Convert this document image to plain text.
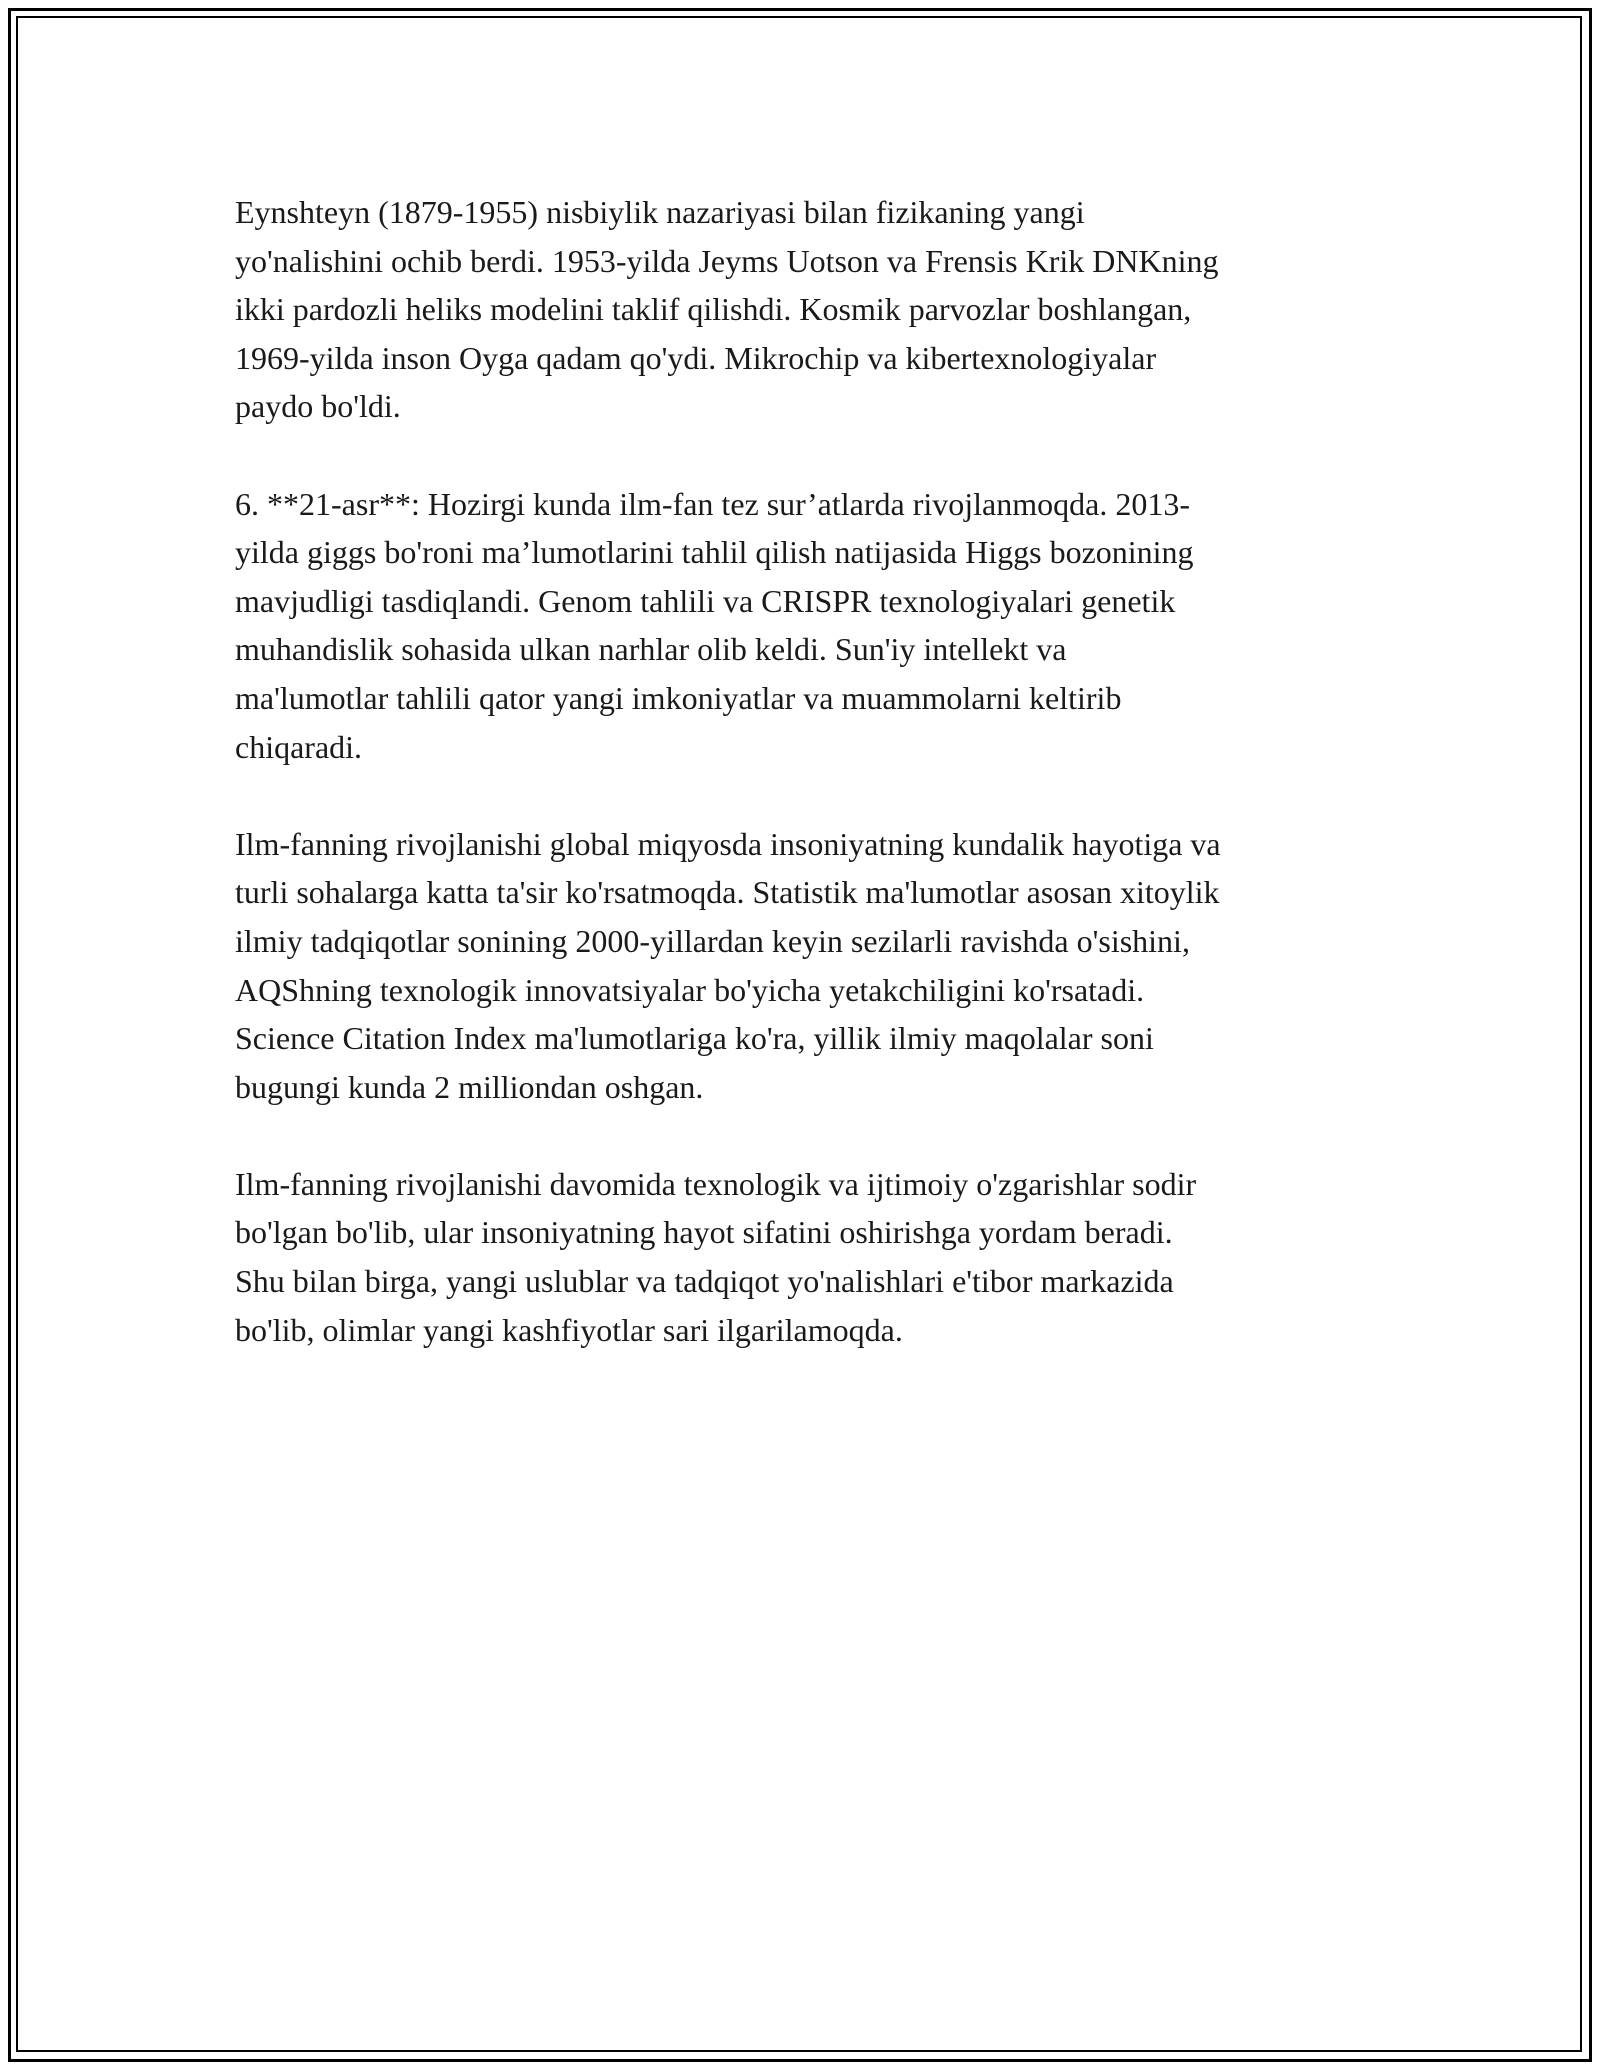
Eynshteyn (1879-1955) nisbiylik nazariyasi bilan fizikaning yangi
yo'nalishini ochib berdi. 1953-yilda Jeyms Uotson va Frensis Krik DNKning
ikki pardozli heliks modelini taklif qilishdi. Kosmik parvozlar boshlangan,
1969-yilda inson Oyga qadam qo'ydi. Mikrochip va kibertexnologiyalar
paydo bo'ldi.

6. **21-asr**: Hozirgi kunda ilm-fan tez sur’atlarda rivojlanmoqda. 2013-
yilda giggs bo'roni ma’lumotlarini tahlil qilish natijasida Higgs bozonining
mavjudligi tasdiqlandi. Genom tahlili va CRISPR texnologiyalari genetik
muhandislik sohasida ulkan narhlar olib keldi. Sun'iy intellekt va
ma'lumotlar tahlili qator yangi imkoniyatlar va muammolarni keltirib
chiqaradi.

Ilm-fanning rivojlanishi global miqyosda insoniyatning kundalik hayotiga va
turli sohalarga katta ta'sir ko'rsatmoqda. Statistik ma'lumotlar asosan xitoylik
ilmiy tadqiqotlar sonining 2000-yillardan keyin sezilarli ravishda o'sishini,
AQShning texnologik innovatsiyalar bo'yicha yetakchiligini ko'rsatadi.
Science Citation Index ma'lumotlariga ko'ra, yillik ilmiy maqolalar soni
bugungi kunda 2 milliondan oshgan.

Ilm-fanning rivojlanishi davomida texnologik va ijtimoiy o'zgarishlar sodir
bo'lgan bo'lib, ular insoniyatning hayot sifatini oshirishga yordam beradi.
Shu bilan birga, yangi uslublar va tadqiqot yo'nalishlari e'tibor markazida
bo'lib, olimlar yangi kashfiyotlar sari ilgarilamoqda.
